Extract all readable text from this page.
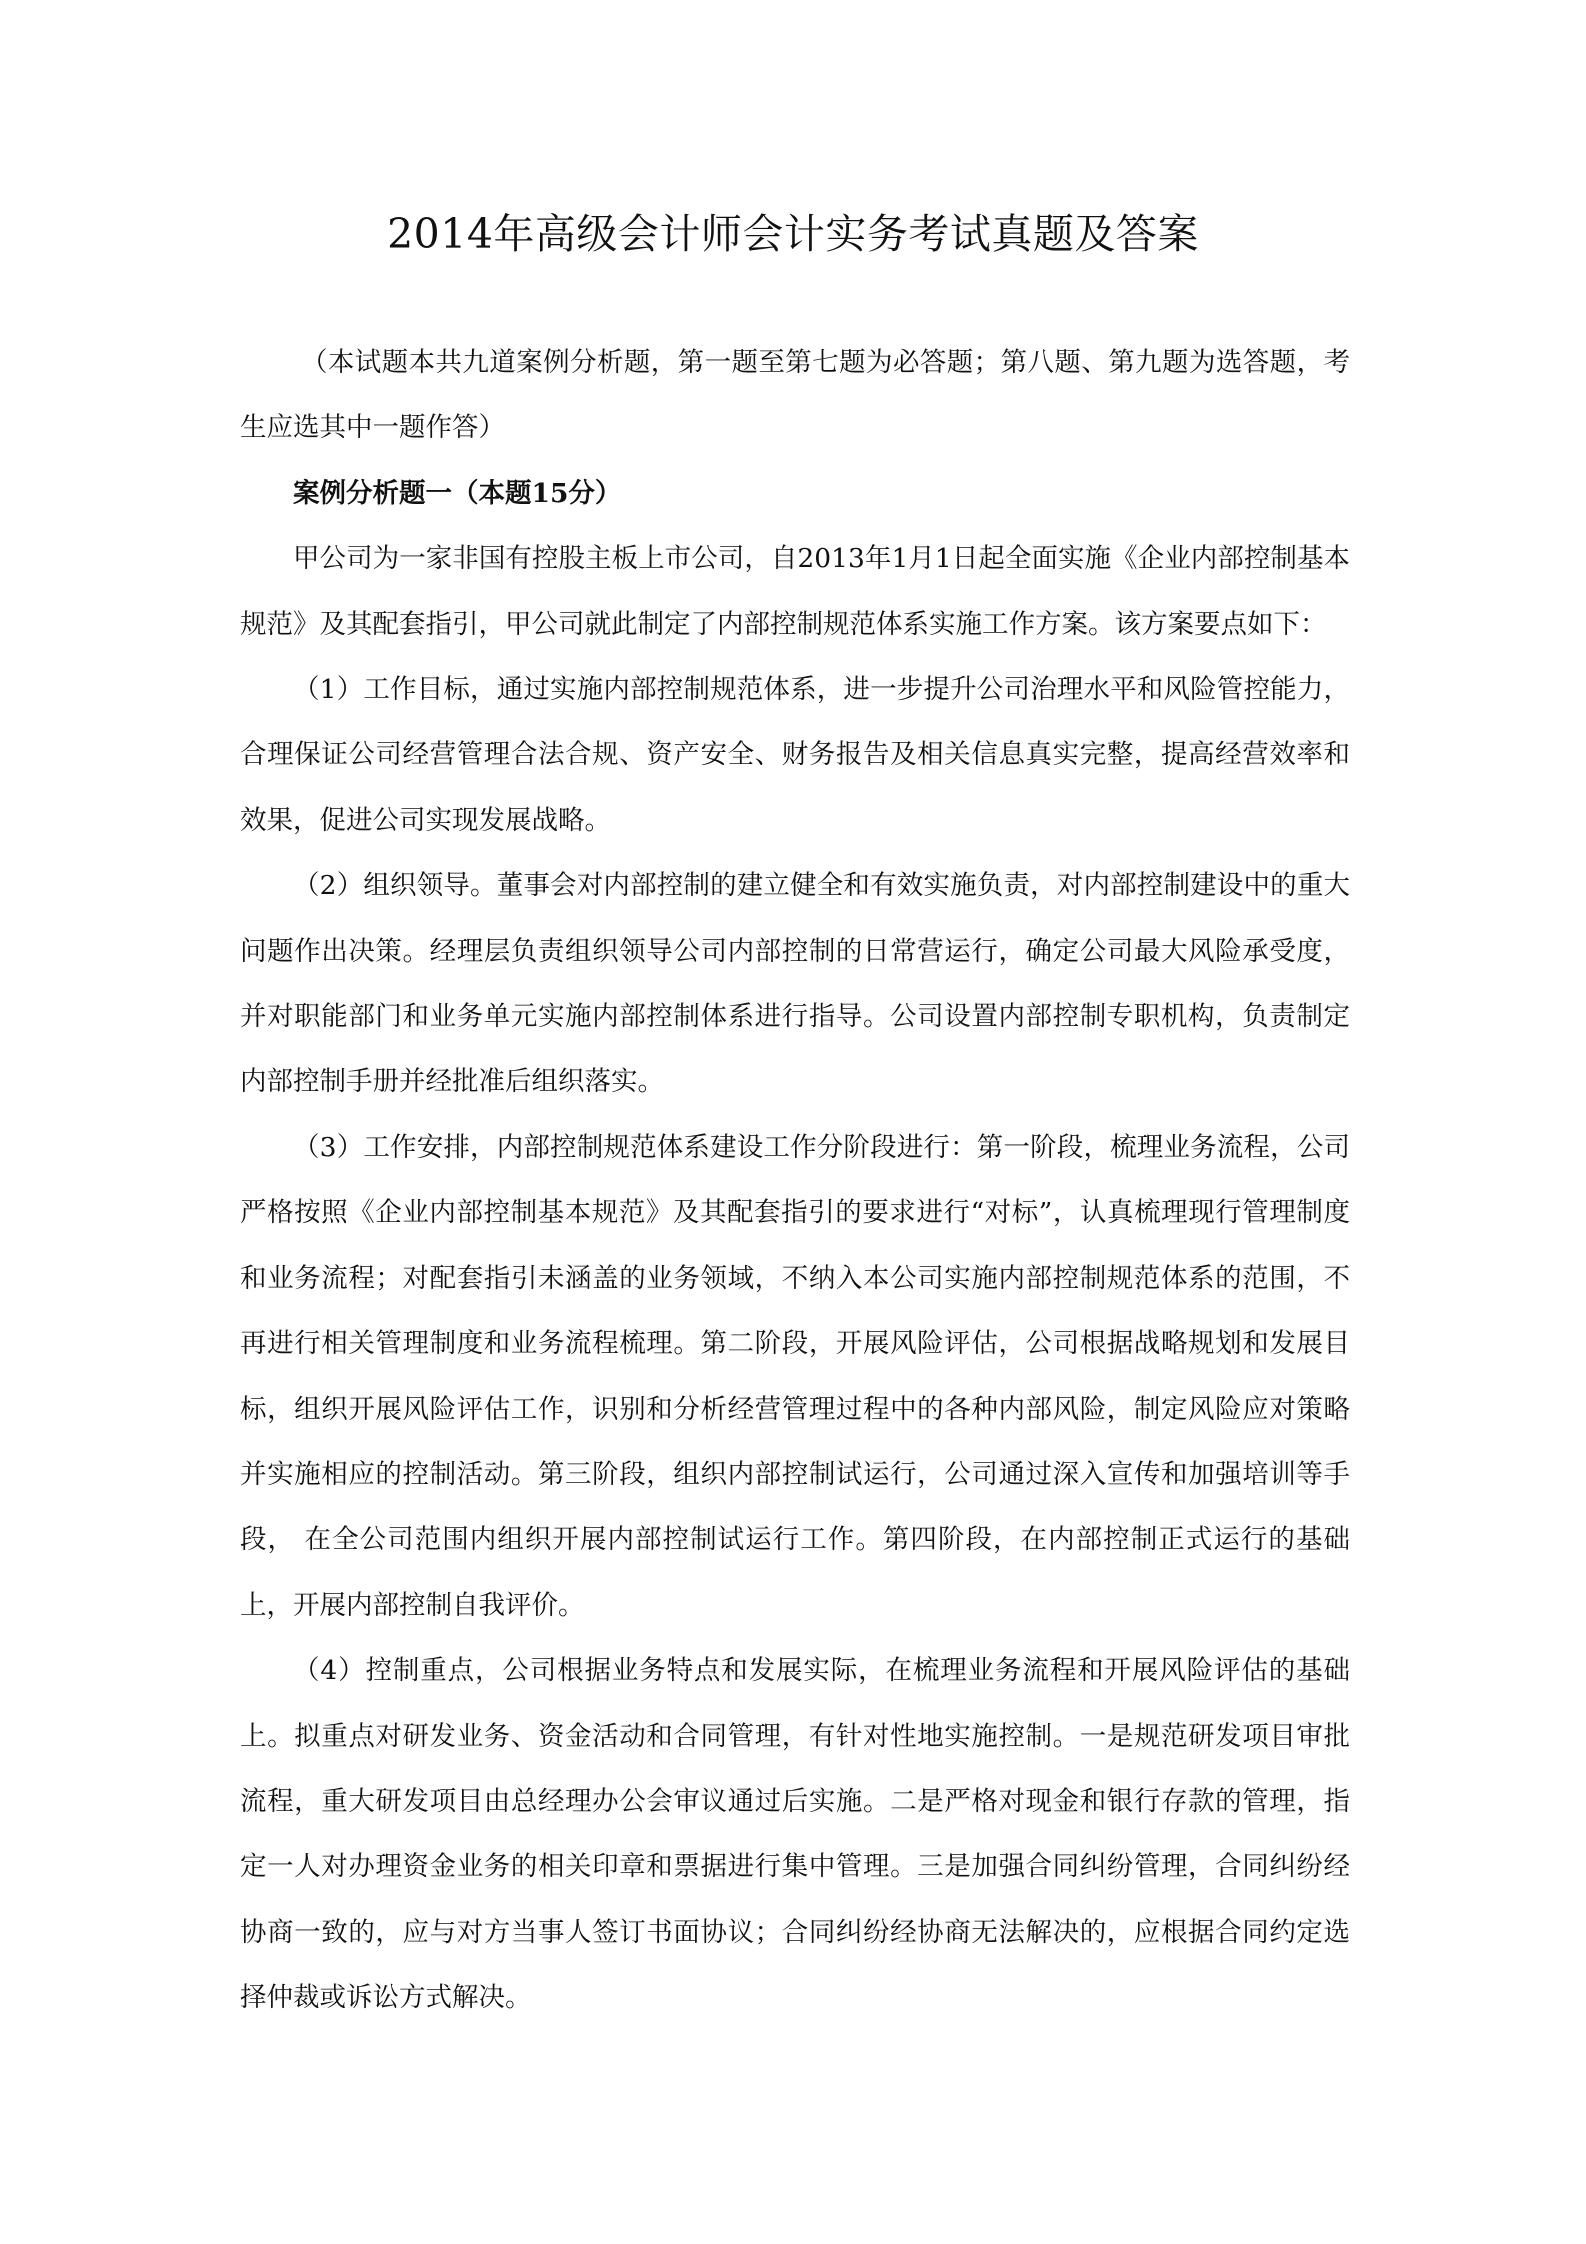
2014年高级会计师会计实务考试真题及答案

（本试题本共九道案例分析题，第一题至第七题为必答题；第八题、第九题为选答题，考生应选其中一题作答）

案例分析题一（本题15分）

甲公司为一家非国有控股主板上市公司，自2013年1月1日起全面实施《企业内部控制基本规范》及其配套指引，甲公司就此制定了内部控制规范体系实施工作方案。该方案要点如下：

（1）工作目标，通过实施内部控制规范体系，进一步提升公司治理水平和风险管控能力，合理保证公司经营管理合法合规、资产安全、财务报告及相关信息真实完整，提高经营效率和效果，促进公司实现发展战略。

（2）组织领导。董事会对内部控制的建立健全和有效实施负责，对内部控制建设中的重大问题作出决策。经理层负责组织领导公司内部控制的日常营运行，确定公司最大风险承受度，并对职能部门和业务单元实施内部控制体系进行指导。公司设置内部控制专职机构，负责制定内部控制手册并经批准后组织落实。

（3）工作安排，内部控制规范体系建设工作分阶段进行：第一阶段，梳理业务流程，公司严格按照《企业内部控制基本规范》及其配套指引的要求进行“对标”，认真梳理现行管理制度和业务流程；对配套指引未涵盖的业务领域，不纳入本公司实施内部控制规范体系的范围，不再进行相关管理制度和业务流程梳理。第二阶段，开展风险评估，公司根据战略规划和发展目标，组织开展风险评估工作，识别和分析经营管理过程中的各种内部风险，制定风险应对策略并实施相应的控制活动。第三阶段，组织内部控制试运行，公司通过深入宣传和加强培训等手段， 在全公司范围内组织开展内部控制试运行工作。第四阶段，在内部控制正式运行的基础上，开展内部控制自我评价。

（4）控制重点，公司根据业务特点和发展实际，在梳理业务流程和开展风险评估的基础上。拟重点对研发业务、资金活动和合同管理，有针对性地实施控制。一是规范研发项目审批流程，重大研发项目由总经理办公会审议通过后实施。二是严格对现金和银行存款的管理，指定一人对办理资金业务的相关印章和票据进行集中管理。三是加强合同纠纷管理，合同纠纷经协商一致的，应与对方当事人签订书面协议；合同纠纷经协商无法解决的，应根据合同约定选择仲裁或诉讼方式解决。
